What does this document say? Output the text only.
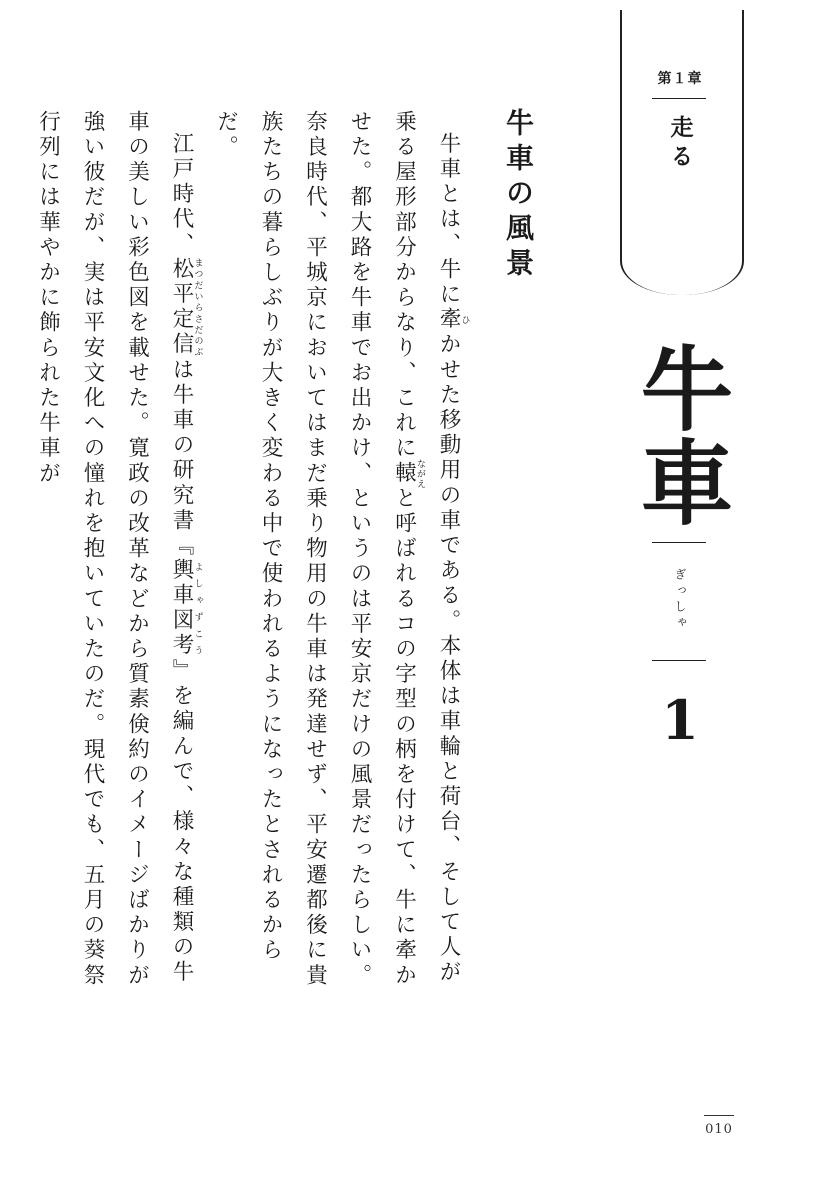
第１章
走る
牛車
ぎっしゃ
1
牛車の風景

牛車とは、牛に牽ひかせた移動用の車である。本体は車輪と荷台、そして人が乗る屋形部分からなり、これに轅ながえと呼ばれるコの字型の柄を付けて、牛に牽かせた。都大路を牛車でお出かけ、というのは平安京だけの風景だったらしい。奈良時代、平城京においてはまだ乗り物用の牛車は発達せず、平安遷都後に貴族たちの暮らしぶりが大きく変わる中で使われるようになったとされるからだ。

江戸時代、松平定信まつだいらさだのぶは牛車の研究書『輿車図考よしゃずこう』を編んで、様々な種類の牛車の美しい彩色図を載せた。寛政の改革などから質素倹約のイメージばかりが強い彼だが、実は平安文化への憧れを抱いていたのだ。現代でも、五月の葵祭行列には華やかに飾られた牛車が

010
